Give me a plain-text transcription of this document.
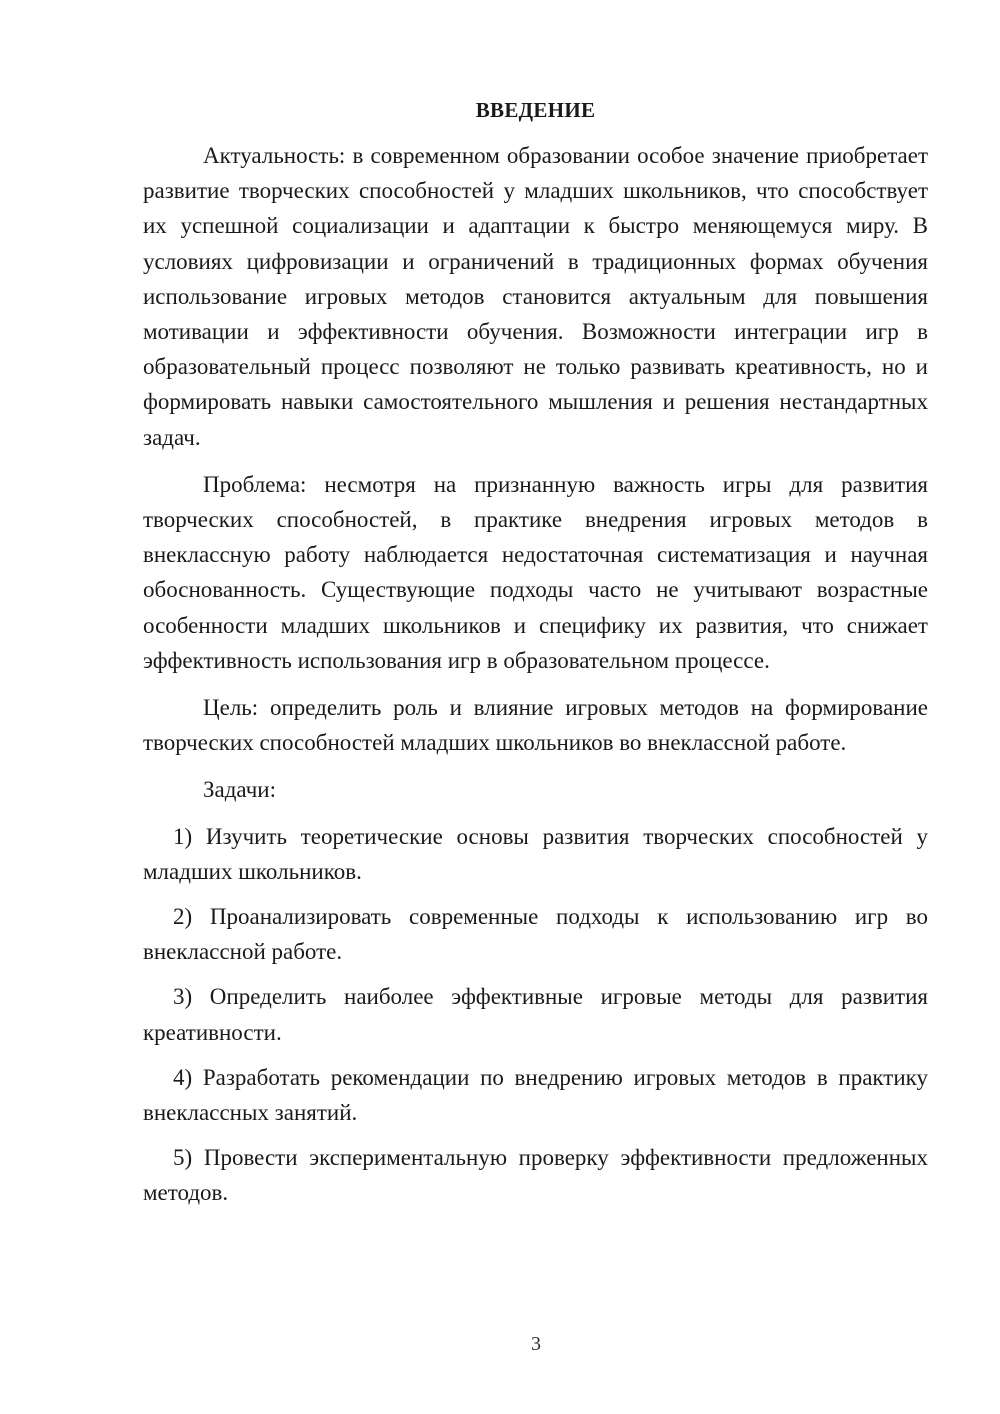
ВВЕДЕНИЕ

Актуальность: в современном образовании особое значение приобретает развитие творческих способностей у младших школьников, что способствует их успешной социализации и адаптации к быстро меняющемуся миру. В условиях цифровизации и ограничений в традиционных формах обучения использование игровых методов становится актуальным для повышения мотивации и эффективности обучения. Возможности интеграции игр в образовательный процесс позволяют не только развивать креативность, но и формировать навыки самостоятельного мышления и решения нестандартных задач.

Проблема: несмотря на признанную важность игры для развития творческих способностей, в практике внедрения игровых методов в внеклассную работу наблюдается недостаточная систематизация и научная обоснованность. Существующие подходы часто не учитывают возрастные особенности младших школьников и специфику их развития, что снижает эффективность использования игр в образовательном процессе.

Цель: определить роль и влияние игровых методов на формирование творческих способностей младших школьников во внеклассной работе.

Задачи:

1) Изучить теоретические основы развития творческих способностей у младших школьников.

2) Проанализировать современные подходы к использованию игр во внеклассной работе.

3) Определить наиболее эффективные игровые методы для развития креативности.

4) Разработать рекомендации по внедрению игровых методов в практику внеклассных занятий.

5) Провести экспериментальную проверку эффективности предложенных методов.

3
